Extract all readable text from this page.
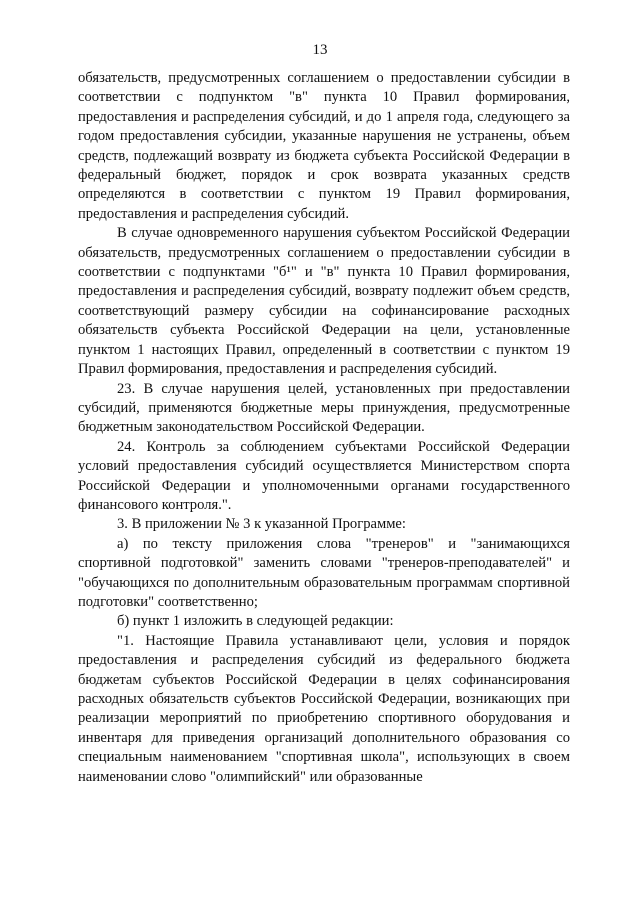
13

обязательств, предусмотренных соглашением о предоставлении субсидии в соответствии с подпунктом "в" пункта 10 Правил формирования, предоставления и распределения субсидий, и до 1 апреля года, следующего за годом предоставления субсидии, указанные нарушения не устранены, объем средств, подлежащий возврату из бюджета субъекта Российской Федерации в федеральный бюджет, порядок и срок возврата указанных средств определяются в соответствии с пунктом 19 Правил формирования, предоставления и распределения субсидий.

В случае одновременного нарушения субъектом Российской Федерации обязательств, предусмотренных соглашением о предоставлении субсидии в соответствии с подпунктами "б¹" и "в" пункта 10 Правил формирования, предоставления и распределения субсидий, возврату подлежит объем средств, соответствующий размеру субсидии на софинансирование расходных обязательств субъекта Российской Федерации на цели, установленные пунктом 1 настоящих Правил, определенный в соответствии с пунктом 19 Правил формирования, предоставления и распределения субсидий.

23. В случае нарушения целей, установленных при предоставлении субсидий, применяются бюджетные меры принуждения, предусмотренные бюджетным законодательством Российской Федерации.

24. Контроль за соблюдением субъектами Российской Федерации условий предоставления субсидий осуществляется Министерством спорта Российской Федерации и уполномоченными органами государственного финансового контроля.".

3. В приложении № 3 к указанной Программе:

а) по тексту приложения слова "тренеров" и "занимающихся спортивной подготовкой" заменить словами "тренеров-преподавателей" и "обучающихся по дополнительным образовательным программам спортивной подготовки" соответственно;

б) пункт 1 изложить в следующей редакции:

"1. Настоящие Правила устанавливают цели, условия и порядок предоставления и распределения субсидий из федерального бюджета бюджетам субъектов Российской Федерации в целях софинансирования расходных обязательств субъектов Российской Федерации, возникающих при реализации мероприятий по приобретению спортивного оборудования и инвентаря для приведения организаций дополнительного образования со специальным наименованием "спортивная школа", использующих в своем наименовании слово "олимпийский" или образованные
